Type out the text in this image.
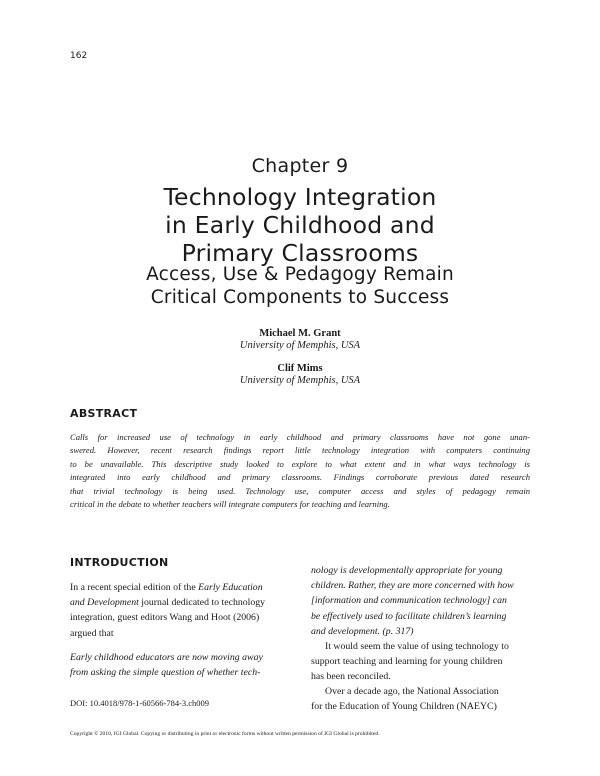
162
Chapter 9
Technology Integration
in Early Childhood and
Primary Classrooms
Access, Use & Pedagogy Remain
Critical Components to Success
Michael M. Grant
University of Memphis, USA
Clif Mims
University of Memphis, USA
ABSTRACT
Calls for increased use of technology in early childhood and primary classrooms have not gone unan-
swered. However, recent research findings report little technology integration with computers continuing
to be unavailable. This descriptive study looked to explore to what extent and in what ways technology is
integrated into early childhood and primary classrooms. Findings corroborate previous dated research
that trivial technology is being used. Technology use, computer access and styles of pedagogy remain
critical in the debate to whether teachers will integrate computers for teaching and learning.
INTRODUCTION
In a recent special edition of the Early Education
and Development journal dedicated to technology
integration, guest editors Wang and Hoot (2006)
argued that
Early childhood educators are now moving away
from asking the simple question of whether tech-
nology is developmentally appropriate for young
children. Rather, they are more concerned with how
[information and communication technology] can
be effectively used to facilitate children’s learning
and development. (p. 317)
It would seem the value of using technology to
support teaching and learning for young children
has been reconciled.
Over a decade ago, the National Association
for the Education of Young Children (NAEYC)
DOI: 10.4018/978-1-60566-784-3.ch009
Copyright © 2010, IGI Global. Copying or distributing in print or electronic forms without written permission of IGI Global is prohibited.
